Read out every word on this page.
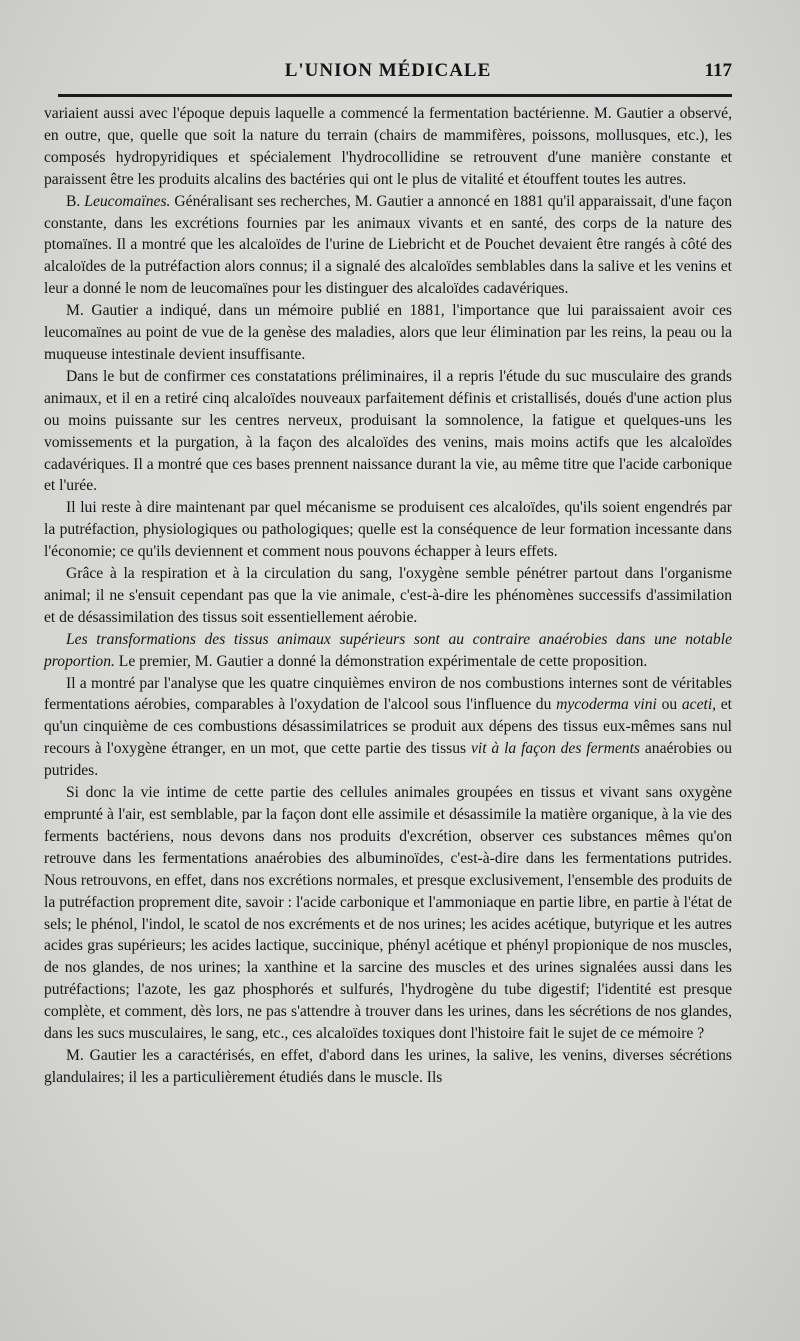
L'UNION MÉDICALE	117

variaient aussi avec l'époque depuis laquelle a commencé la fermentation bactérienne. M. Gautier a observé, en outre, que, quelle que soit la nature du terrain (chairs de mammifères, poissons, mollusques, etc.), les composés hydropyridiques et spécialement l'hydrocollidine se retrouvent d'une manière constante et paraissent être les produits alcalins des bactéries qui ont le plus de vitalité et étouffent toutes les autres.

B. Leucomaïnes. Généralisant ses recherches, M. Gautier a annoncé en 1881 qu'il apparaissait, d'une façon constante, dans les excrétions fournies par les animaux vivants et en santé, des corps de la nature des ptomaïnes. Il a montré que les alcaloïdes de l'urine de Liebricht et de Pouchet devaient être rangés à côté des alcaloïdes de la putréfaction alors connus; il a signalé des alcaloïdes semblables dans la salive et les venins et leur a donné le nom de leucomaïnes pour les distinguer des alcaloïdes cadavériques.

M. Gautier a indiqué, dans un mémoire publié en 1881, l'importance que lui paraissaient avoir ces leucomaïnes au point de vue de la genèse des maladies, alors que leur élimination par les reins, la peau ou la muqueuse intestinale devient insuffisante.

Dans le but de confirmer ces constatations préliminaires, il a repris l'étude du suc musculaire des grands animaux, et il en a retiré cinq alcaloïdes nouveaux parfaitement définis et cristallisés, doués d'une action plus ou moins puissante sur les centres nerveux, produisant la somnolence, la fatigue et quelques-uns les vomissements et la purgation, à la façon des alcaloïdes des venins, mais moins actifs que les alcaloïdes cadavériques. Il a montré que ces bases prennent naissance durant la vie, au même titre que l'acide carbonique et l'urée.

Il lui reste à dire maintenant par quel mécanisme se produisent ces alcaloïdes, qu'ils soient engendrés par la putréfaction, physiologiques ou pathologiques; quelle est la conséquence de leur formation incessante dans l'économie; ce qu'ils deviennent et comment nous pouvons échapper à leurs effets.

Grâce à la respiration et à la circulation du sang, l'oxygène semble pénétrer partout dans l'organisme animal; il ne s'ensuit cependant pas que la vie animale, c'est-à-dire les phénomènes successifs d'assimilation et de désassimilation des tissus soit essentiellement aérobie.

Les transformations des tissus animaux supérieurs sont au contraire anaérobies dans une notable proportion. Le premier, M. Gautier a donné la démonstration expérimentale de cette proposition.

Il a montré par l'analyse que les quatre cinquièmes environ de nos combustions internes sont de véritables fermentations aérobies, comparables à l'oxydation de l'alcool sous l'influence du mycoderma vini ou aceti, et qu'un cinquième de ces combustions désassimilatrices se produit aux dépens des tissus eux-mêmes sans nul recours à l'oxygène étranger, en un mot, que cette partie des tissus vit à la façon des ferments anaérobies ou putrides.

Si donc la vie intime de cette partie des cellules animales groupées en tissus et vivant sans oxygène emprunté à l'air, est semblable, par la façon dont elle assimile et désassimile la matière organique, à la vie des ferments bactériens, nous devons dans nos produits d'excrétion, observer ces substances mêmes qu'on retrouve dans les fermentations anaérobies des albuminoïdes, c'est-à-dire dans les fermentations putrides. Nous retrouvons, en effet, dans nos excrétions normales, et presque exclusivement, l'ensemble des produits de la putréfaction proprement dite, savoir : l'acide carbonique et l'ammoniaque en partie libre, en partie à l'état de sels; le phénol, l'indol, le scatol de nos excréments et de nos urines; les acides acétique, butyrique et les autres acides gras supérieurs; les acides lactique, succinique, phényl acétique et phényl propionique de nos muscles, de nos glandes, de nos urines; la xanthine et la sarcine des muscles et des urines signalées aussi dans les putréfactions; l'azote, les gaz phosphorés et sulfurés, l'hydrogène du tube digestif; l'identité est presque complète, et comment, dès lors, ne pas s'attendre à trouver dans les urines, dans les sécrétions de nos glandes, dans les sucs musculaires, le sang, etc., ces alcaloïdes toxiques dont l'histoire fait le sujet de ce mémoire ?

M. Gautier les a caractérisés, en effet, d'abord dans les urines, la salive, les venins, diverses sécrétions glandulaires; il les a particulièrement étudiés dans le muscle. Ils
